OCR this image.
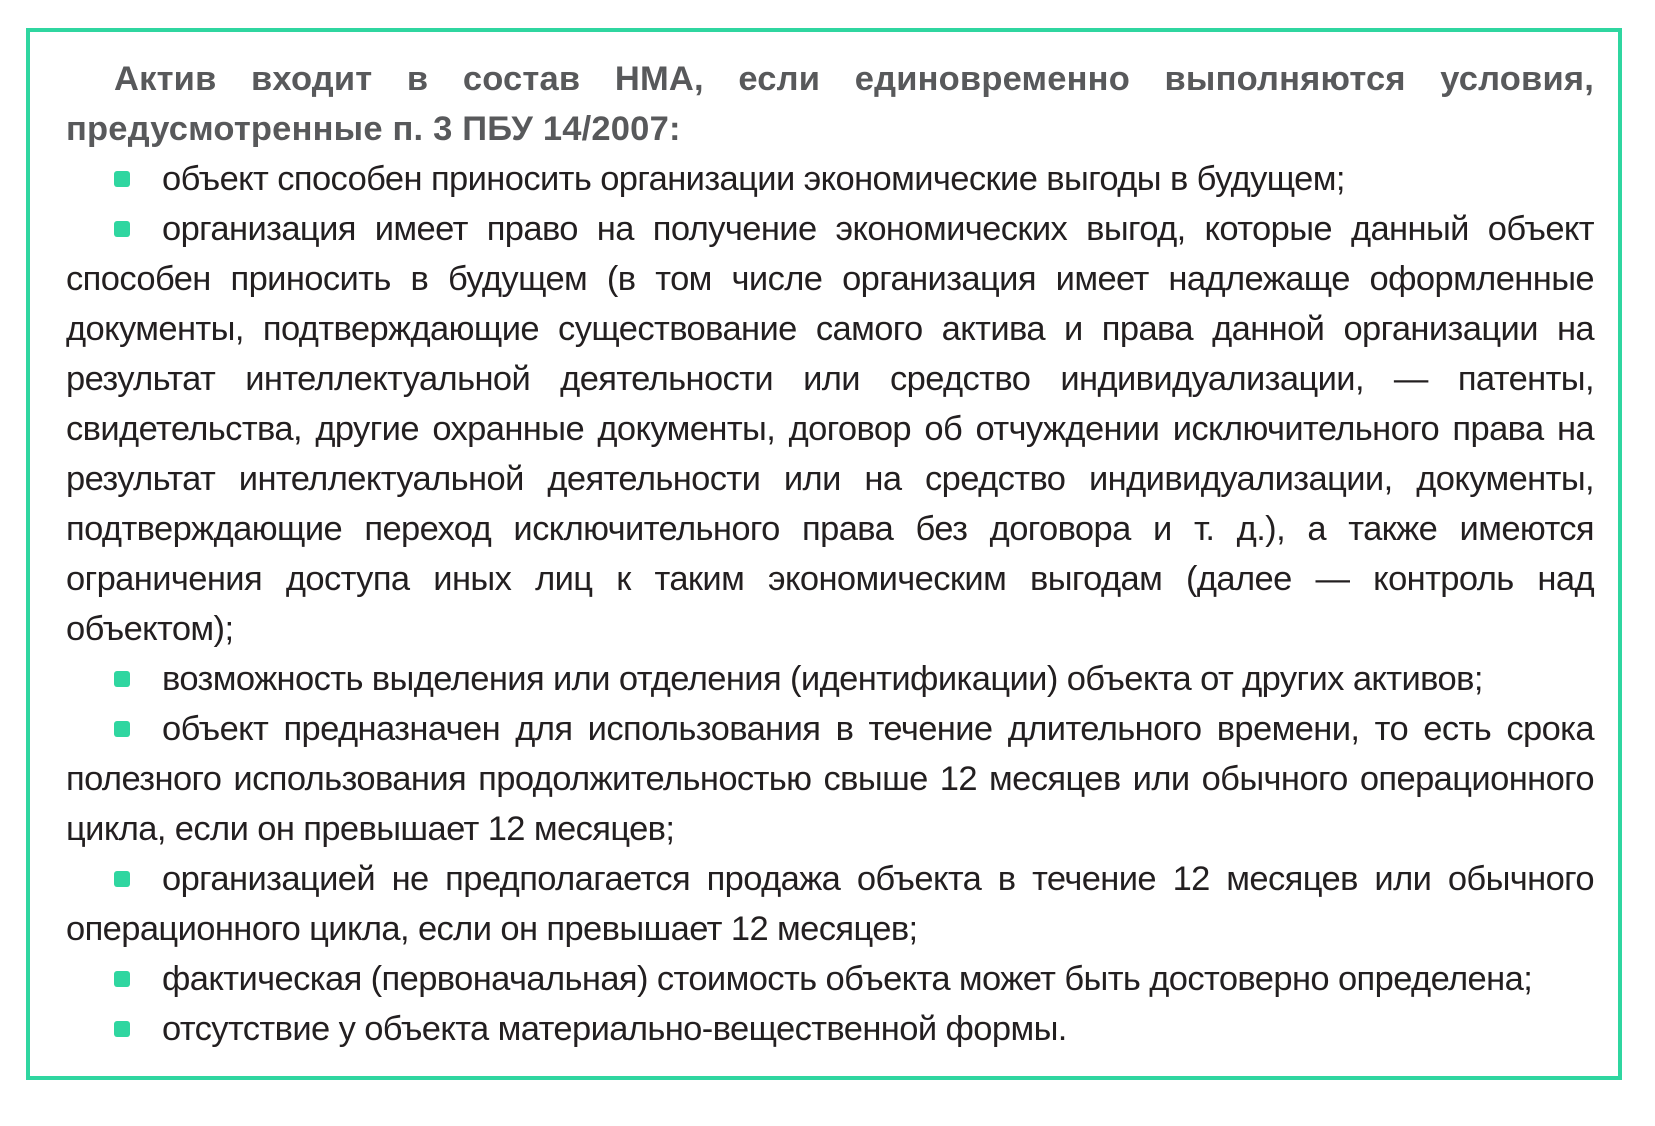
Актив входит в состав НМА, если единовременно выполняются условия, предусмотренные п. 3 ПБУ 14/2007:

объект способен приносить организации экономические выгоды в будущем;
организация имеет право на получение экономических выгод, которые данный объект способен приносить в будущем (в том числе организация имеет надлежаще оформленные документы, подтверждающие существование самого актива и права данной организации на результат интеллектуальной деятельности или средство индивидуализации, — патенты, свидетельства, другие охранные документы, договор об отчуждении исключительного права на результат интеллектуальной деятельности или на средство индивидуализации, документы, подтверждающие переход исключительного права без договора и т. д.), а также имеются ограничения доступа иных лиц к таким экономическим выгодам (далее — контроль над объектом);
возможность выделения или отделения (идентификации) объекта от других активов;
объект предназначен для использования в течение длительного времени, то есть срока полезного использования продолжительностью свыше 12 месяцев или обычного операционного цикла, если он превышает 12 месяцев;
организацией не предполагается продажа объекта в течение 12 месяцев или обычного операционного цикла, если он превышает 12 месяцев;
фактическая (первоначальная) стоимость объекта может быть достоверно определена;
отсутствие у объекта материально-вещественной формы.
